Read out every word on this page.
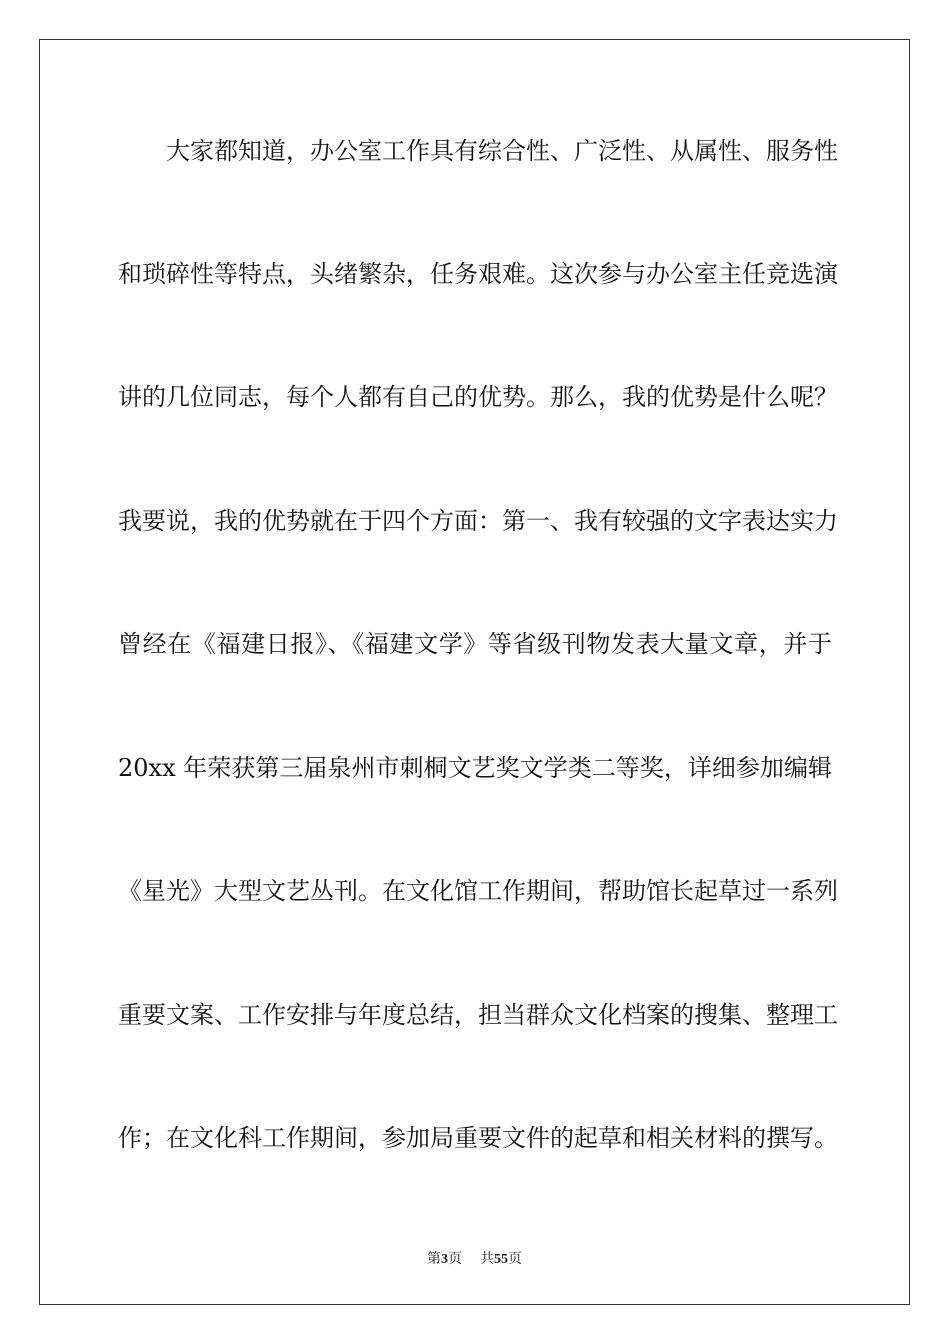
大家都知道，办公室工作具有综合性、广泛性、从属性、服务性
和琐碎性等特点，头绪繁杂，任务艰难。这次参与办公室主任竞选演
讲的几位同志，每个人都有自己的优势。那么，我的优势是什么呢？
我要说，我的优势就在于四个方面：第一、我有较强的文字表达实力
曾经在《福建日报》、《福建文学》等省级刊物发表大量文章，并于
20xx 年荣获第三届泉州市刺桐文艺奖文学类二等奖，详细参加编辑
《星光》大型文艺丛刊。在文化馆工作期间，帮助馆长起草过一系列
重要文案、工作安排与年度总结，担当群众文化档案的搜集、整理工
作；在文化科工作期间，参加局重要文件的起草和相关材料的撰写。
第3页 共55页
